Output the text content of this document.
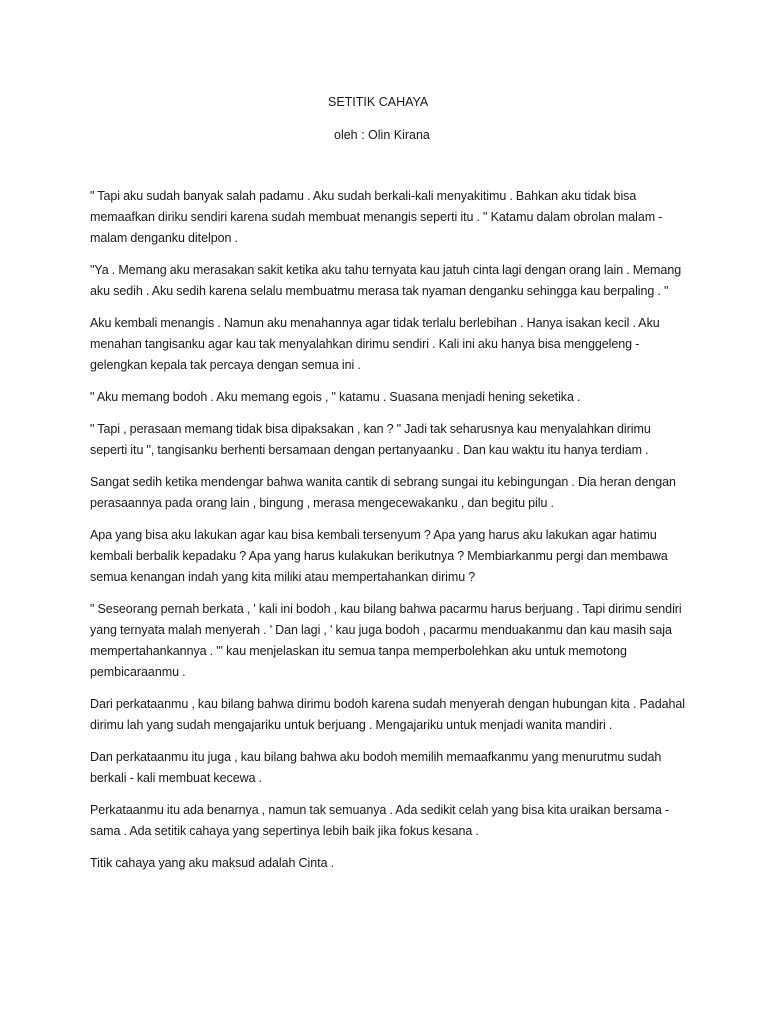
SETITIK CAHAYA
oleh : Olin Kirana

" Tapi aku sudah banyak salah padamu . Aku sudah berkali-kali menyakitimu . Bahkan aku tidak bisa memaafkan diriku sendiri karena sudah membuat menangis seperti itu . " Katamu dalam obrolan malam - malam denganku ditelpon .

"Ya . Memang aku merasakan sakit ketika aku tahu ternyata kau jatuh cinta lagi dengan orang lain . Memang aku sedih . Aku sedih karena selalu membuatmu merasa tak nyaman denganku sehingga kau berpaling . "

Aku kembali menangis . Namun aku menahannya agar tidak terlalu berlebihan . Hanya isakan kecil . Aku menahan tangisanku agar kau tak menyalahkan dirimu sendiri . Kali ini aku hanya bisa menggeleng - gelengkan kepala tak percaya dengan semua ini .

" Aku memang bodoh . Aku memang egois , " katamu . Suasana menjadi hening seketika .

" Tapi , perasaan memang tidak bisa dipaksakan , kan ? " Jadi tak seharusnya kau menyalahkan dirimu seperti itu ", tangisanku berhenti bersamaan dengan pertanyaanku . Dan kau waktu itu hanya terdiam .

Sangat sedih ketika mendengar bahwa wanita cantik di sebrang sungai itu kebingungan . Dia heran dengan perasaannya pada orang lain , bingung , merasa mengecewakanku , dan begitu pilu .

Apa yang bisa aku lakukan agar kau bisa kembali tersenyum ? Apa yang harus aku lakukan agar hatimu kembali berbalik kepadaku ? Apa yang harus kulakukan berikutnya ? Membiarkanmu pergi dan membawa semua kenangan indah yang kita miliki atau mempertahankan dirimu ?

" Seseorang pernah berkata , ' kali ini bodoh , kau bilang bahwa pacarmu harus berjuang . Tapi dirimu sendiri yang ternyata malah menyerah . ' Dan lagi , ' kau juga bodoh , pacarmu menduakanmu dan kau masih saja mempertahankannya . "' kau menjelaskan itu semua tanpa memperbolehkan aku untuk memotong pembicaraanmu .

Dari perkataanmu , kau bilang bahwa dirimu bodoh karena sudah menyerah dengan hubungan kita . Padahal dirimu lah yang sudah mengajariku untuk berjuang . Mengajariku untuk menjadi wanita mandiri .

Dan perkataanmu itu juga , kau bilang bahwa aku bodoh memilih memaafkanmu yang menurutmu sudah berkali - kali membuat kecewa .

Perkataanmu itu ada benarnya , namun tak semuanya . Ada sedikit celah yang bisa kita uraikan bersama - sama . Ada setitik cahaya yang sepertinya lebih baik jika fokus kesana .

Titik cahaya yang aku maksud adalah Cinta .
